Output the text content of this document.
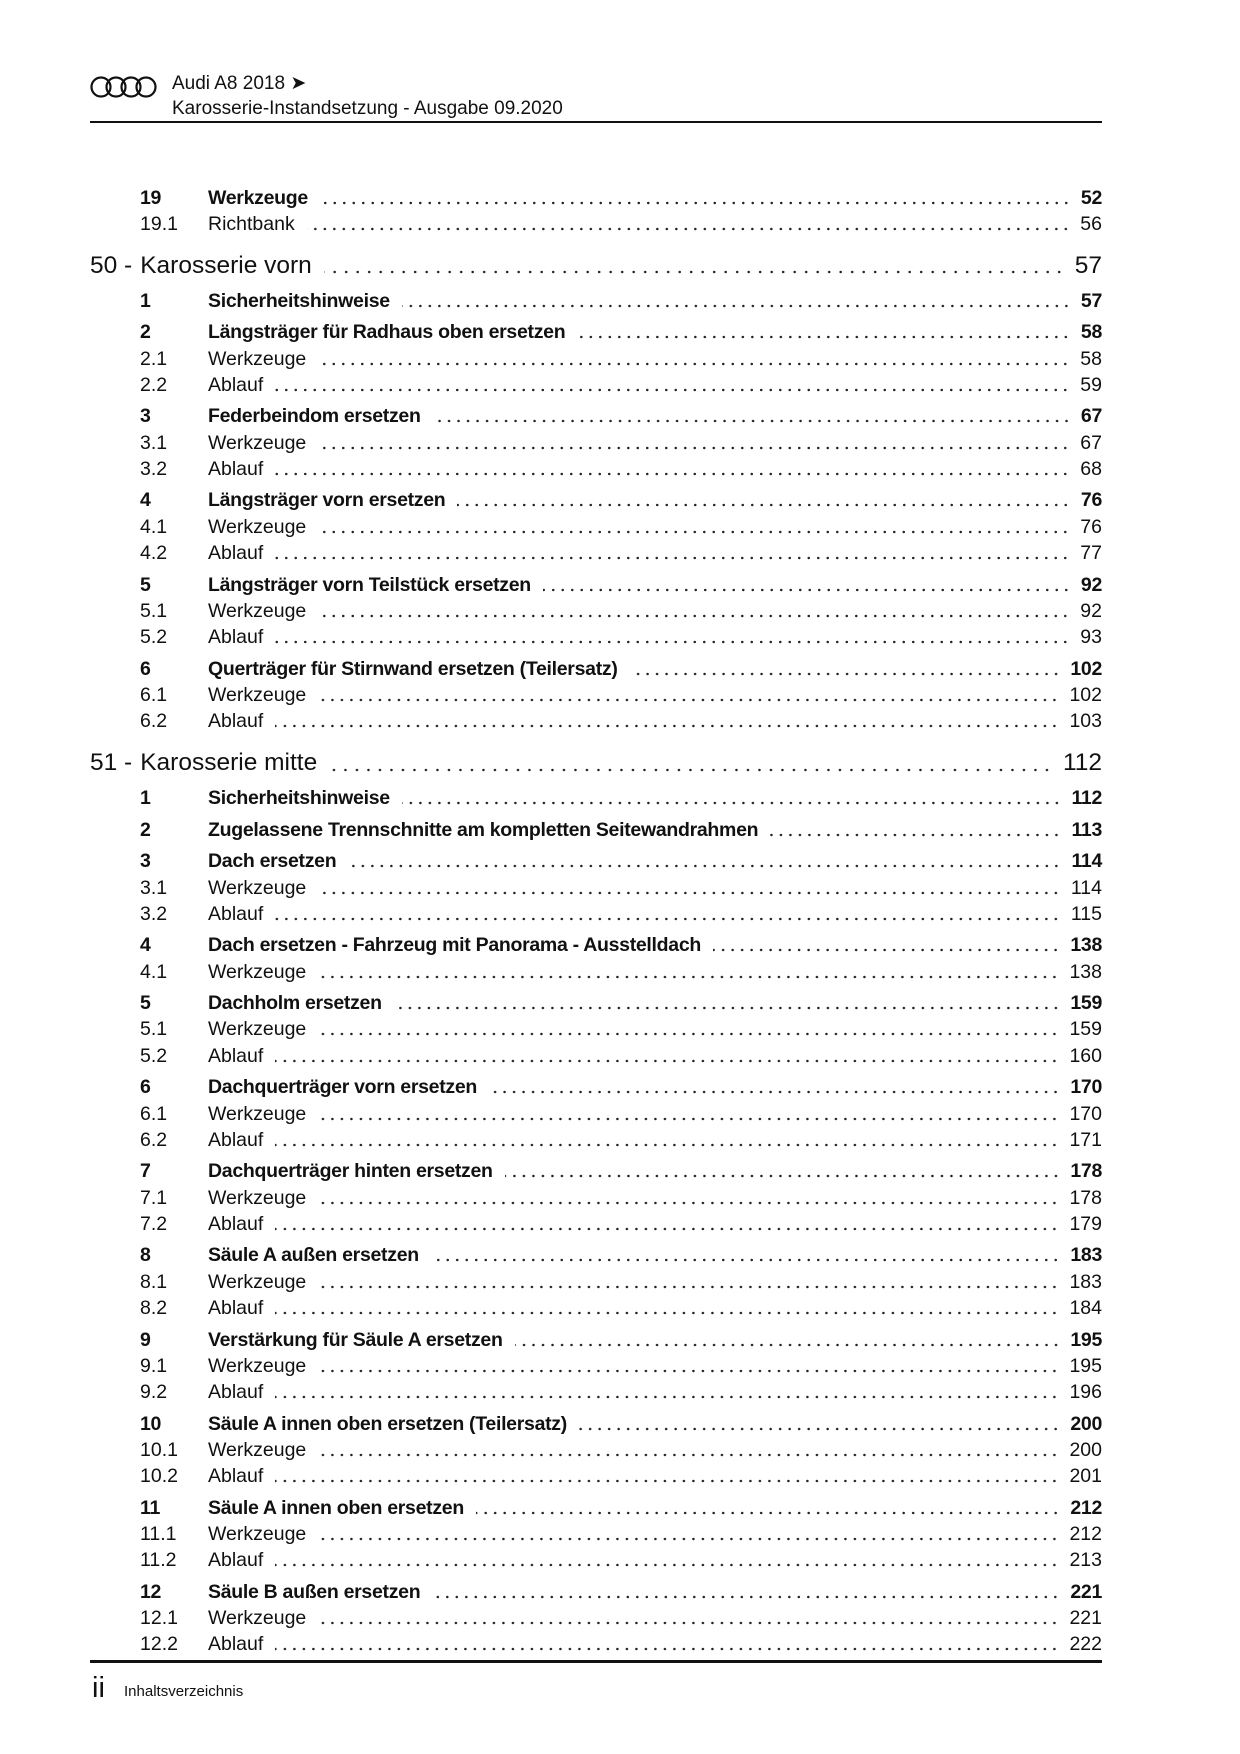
Audi A8 2018 ➤
Karosserie-Instandsetzung - Ausgabe 09.2020
19	Werkzeuge	52
19.1	Richtbank	56
50 - Karosserie vorn	57
1	Sicherheitshinweise	57
2	Längsträger für Radhaus oben ersetzen	58
2.1	Werkzeuge	58
2.2	Ablauf	59
3	Federbeindom ersetzen	67
3.1	Werkzeuge	67
3.2	Ablauf	68
4	Längsträger vorn ersetzen	76
4.1	Werkzeuge	76
4.2	Ablauf	77
5	Längsträger vorn Teilstück ersetzen	92
5.1	Werkzeuge	92
5.2	Ablauf	93
6	Querträger für Stirnwand ersetzen (Teilersatz)	102
6.1	Werkzeuge	102
6.2	Ablauf	103
51 - Karosserie mitte	112
1	Sicherheitshinweise	112
2	Zugelassene Trennschnitte am kompletten Seitewandrahmen	113
3	Dach ersetzen	114
3.1	Werkzeuge	114
3.2	Ablauf	115
4	Dach ersetzen - Fahrzeug mit Panorama - Ausstelldach	138
4.1	Werkzeuge	138
5	Dachholm ersetzen	159
5.1	Werkzeuge	159
5.2	Ablauf	160
6	Dachquerträger vorn ersetzen	170
6.1	Werkzeuge	170
6.2	Ablauf	171
7	Dachquerträger hinten ersetzen	178
7.1	Werkzeuge	178
7.2	Ablauf	179
8	Säule A außen ersetzen	183
8.1	Werkzeuge	183
8.2	Ablauf	184
9	Verstärkung für Säule A ersetzen	195
9.1	Werkzeuge	195
9.2	Ablauf	196
10	Säule A innen oben ersetzen (Teilersatz)	200
10.1	Werkzeuge	200
10.2	Ablauf	201
11	Säule A innen oben ersetzen	212
11.1	Werkzeuge	212
11.2	Ablauf	213
12	Säule B außen ersetzen	221
12.1	Werkzeuge	221
12.2	Ablauf	222
ii Inhaltsverzeichnis
